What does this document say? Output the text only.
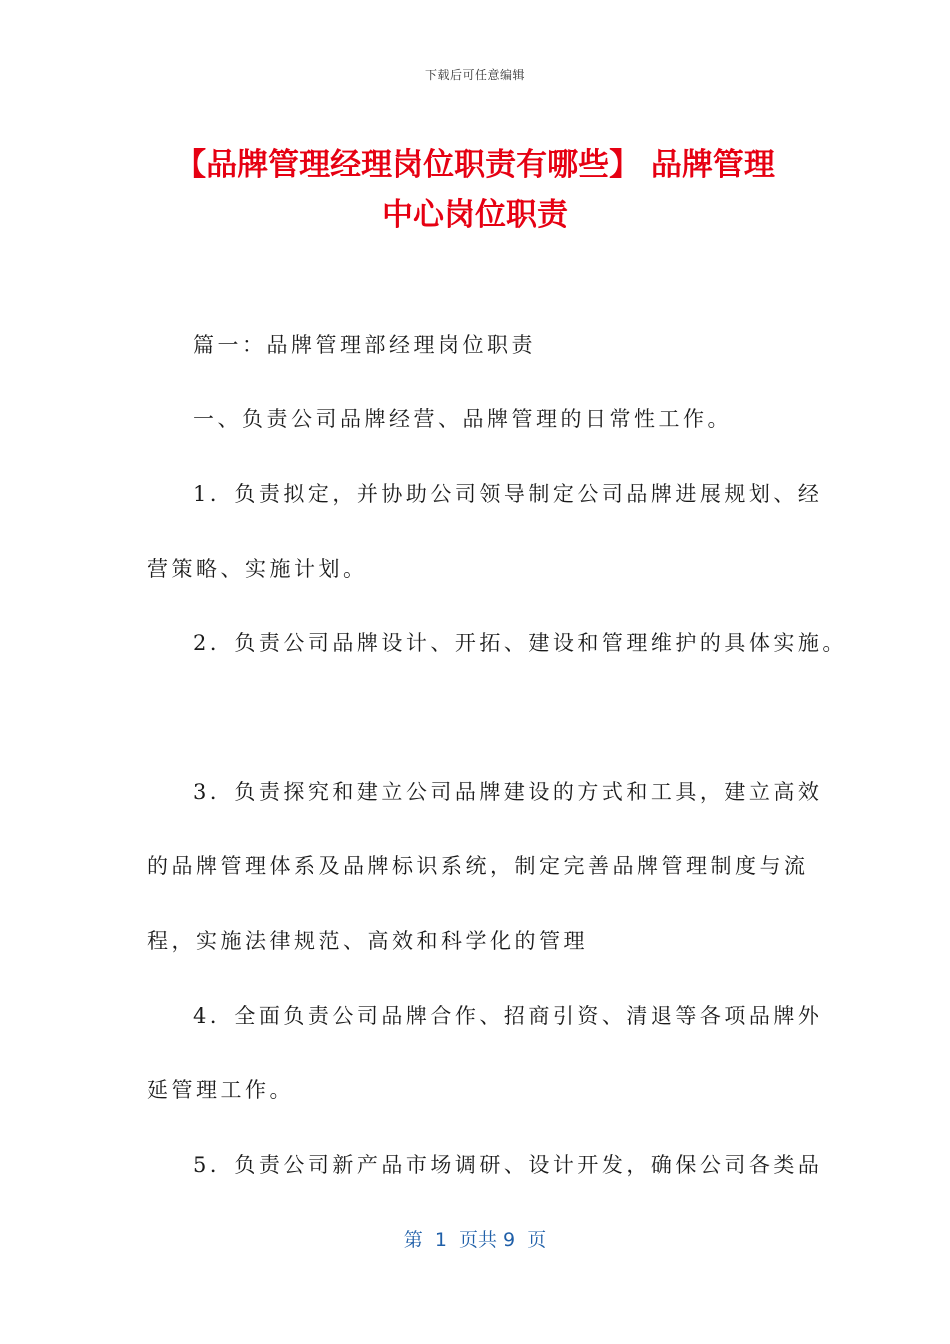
下载后可任意编辑
【品牌管理经理岗位职责有哪些】 品牌管理
中心岗位职责

篇一：品牌管理部经理岗位职责

一、负责公司品牌经营、品牌管理的日常性工作。

1．负责拟定，并协助公司领导制定公司品牌进展规划、经

营策略、实施计划。

2．负责公司品牌设计、开拓、建设和管理维护的具体实施。

3．负责探究和建立公司品牌建设的方式和工具，建立高效

的品牌管理体系及品牌标识系统，制定完善品牌管理制度与流

程，实施法律规范、高效和科学化的管理

4．全面负责公司品牌合作、招商引资、清退等各项品牌外

延管理工作。

5．负责公司新产品市场调研、设计开发，确保公司各类品

第  1  页共 9  页
